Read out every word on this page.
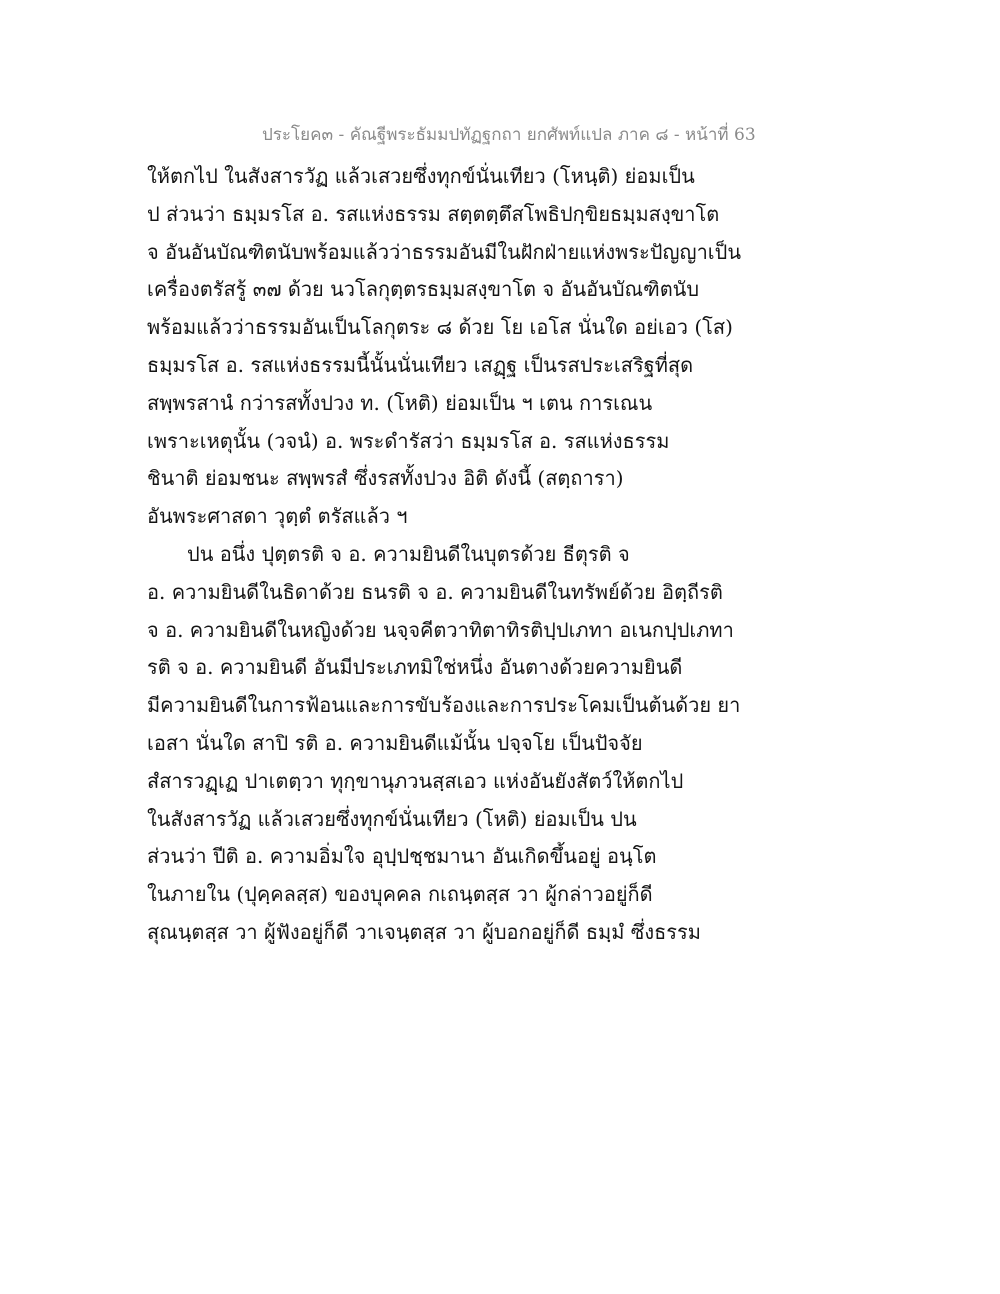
ประโยค๓ - คัณฐีพระธัมมปทัฏฐกถา ยกศัพท์แปล ภาค ๘ - หน้าที่ 63
ให้ตกไป ในสังสารวัฏ แล้วเสวยซึ่งทุกข์นั่นเทียว (โหนฺติ) ย่อมเป็น
ป ส่วนว่า ธมฺมรโส อ. รสแห่งธรรม สตฺตตฺตึสโพธิปกฺขิยธมฺมสงฺขาโต
จ อันอันบัณฑิตนับพร้อมแล้วว่าธรรมอันมีในฝักฝ่ายแห่งพระปัญญาเป็น
เครื่องตรัสรู้ ๓๗ ด้วย นวโลกุตฺตรธมฺมสงฺขาโต จ อันอันบัณฑิตนับ
พร้อมแล้วว่าธรรมอันเป็นโลกุตระ ๘ ด้วย โย เอโส นั่นใด อย่เอว (โส)
ธมฺมรโส อ. รสแห่งธรรมนี้นั้นนั่นเทียว เสฏฺฐ เป็นรสประเสริฐที่สุด
สพฺพรสานํ กว่ารสทั้งปวง ท. (โหติ) ย่อมเป็น ฯ เตน การเณน
เพราะเหตุนั้น (วจนํ) อ. พระดำรัสว่า ธมฺมรโส อ. รสแห่งธรรม
ชินาติ ย่อมชนะ สพฺพรสํ ซึ่งรสทั้งปวง อิติ ดังนี้ (สตฺถารา)
อันพระศาสดา วุตฺตํ ตรัสแล้ว ฯ
ปน อนึ่ง ปุตฺตรติ จ อ. ความยินดีในบุตรด้วย ธีตุรติ จ
อ. ความยินดีในธิดาด้วย ธนรติ จ อ. ความยินดีในทรัพย์ด้วย อิตฺถีรติ
จ อ. ความยินดีในหญิงด้วย นจฺจคีตวาทิตาทิรติปฺปเภทา อเนกปฺปเภทา
รติ จ อ. ความยินดี อันมีประเภทมิใช่หนึ่ง อันตางด้วยความยินดี
มีความยินดีในการฟ้อนและการขับร้องและการประโคมเป็นต้นด้วย ยา
เอสา นั่นใด สาปิ รติ อ. ความยินดีแม้นั้น ปจฺจโย เป็นปัจจัย
สํสารวฏฺเฏ ปาเตตฺวา ทุกฺขานุภวนสฺสเอว แห่งอันยังสัตว์ให้ตกไป
ในสังสารวัฏ แล้วเสวยซึ่งทุกข์นั่นเทียว (โหติ) ย่อมเป็น ปน
ส่วนว่า ปีติ อ. ความอิ่มใจ อุปฺปชฺชมานา อันเกิดขึ้นอยู่ อนฺโต
ในภายใน (ปุคฺคลสฺส) ของบุคคล กเถนฺตสฺส วา ผู้กล่าวอยู่ก็ดี
สุณนฺตสฺส วา ผู้ฟังอยู่ก็ดี วาเจนฺตสฺส วา ผู้บอกอยู่ก็ดี ธมฺมํ ซึ่งธรรม
